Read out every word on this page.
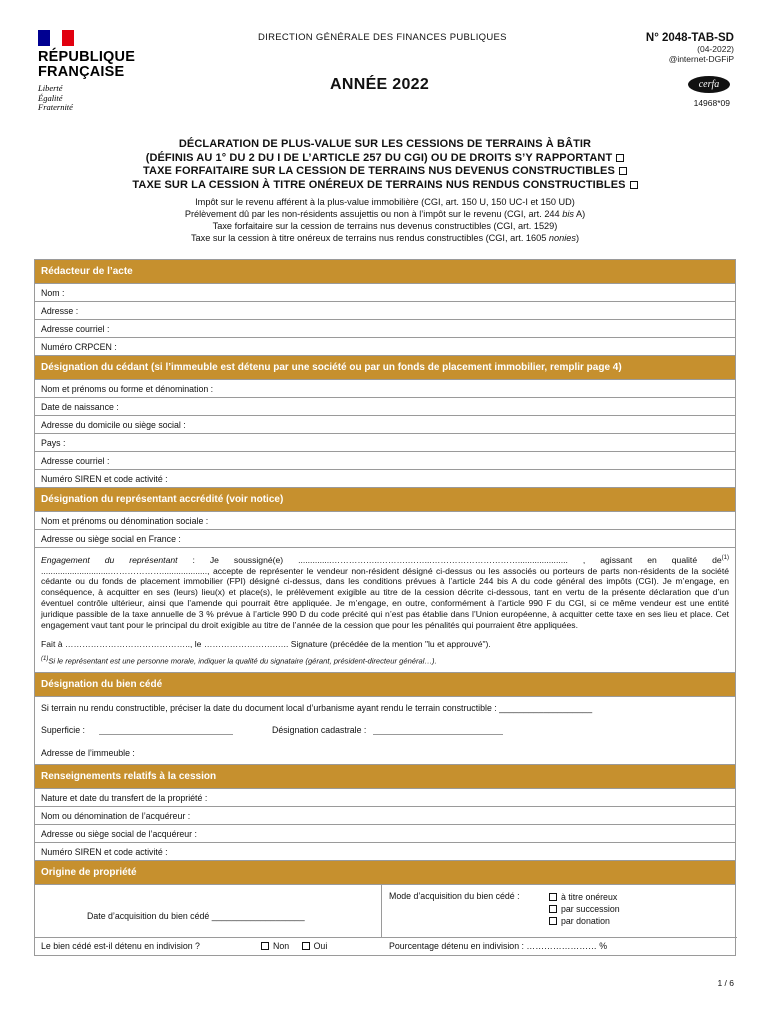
RÉPUBLIQUE
FRANÇAISE
Liberté
Égalité
Fraternité
DIRECTION GÉNÉRALE DES FINANCES PUBLIQUES
ANNÉE 2022
N° 2048-TAB-SD
(04-2022)
@internet-DGFiP
cerfa
14968*09
DÉCLARATION DE PLUS-VALUE SUR LES CESSIONS DE TERRAINS À BÂTIR
(DÉFINIS AU 1° DU 2 DU I DE L’ARTICLE 257 DU CGI) OU DE DROITS S’Y RAPPORTANT
TAXE FORFAITAIRE SUR LA CESSION DE TERRAINS NUS DEVENUS CONSTRUCTIBLES
TAXE SUR LA CESSION À TITRE ONÉREUX DE TERRAINS NUS RENDUS CONSTRUCTIBLES
Impôt sur le revenu afférent à la plus-value immobilière (CGI, art. 150 U, 150 UC-I et 150 UD)
Prélèvement dû par les non-résidents assujettis ou non à l’impôt sur le revenu (CGI, art. 244 bis A)
Taxe forfaitaire sur la cession de terrains nus devenus constructibles (CGI, art. 1529)
Taxe sur la cession à titre onéreux de terrains nus rendus constructibles (CGI, art. 1605 nonies)
Rédacteur de l’acte
Nom :
Adresse :
Adresse courriel :
Numéro CRPCEN :
Désignation du cédant (si l’immeuble est détenu par une société ou par un fonds de placement immobilier, remplir page 4)
Nom et prénoms ou forme et dénomination :
Date de naissance :
Adresse du domicile ou siège social :
Pays :
Adresse courriel :
Numéro SIREN et code activité :
Désignation du représentant accrédité (voir notice)
Nom et prénoms ou dénomination sociale :
Adresse ou siège social en France :
Engagement du représentant : Je soussigné(e) ..............……………..……….……...…………………………..................... , agissant en qualité $de^{(1)}$ .............................………………..................., accepte de représenter le vendeur non-résident désigné ci-dessus ou les associés ou porteurs de parts non-résidents de la société cédante ou du fonds de placement immobilier (FPI) désigné ci-dessus, dans les conditions prévues à l’article 244 bis A du code général des impôts (CGI). Je m’engage, en conséquence, à acquitter en ses (leurs) lieu(x) et place(s), le prélèvement exigible au titre de la cession décrite ci-dessous, tant en vertu de la présente déclaration que d’un éventuel contrôle ultérieur, ainsi que l’amende qui pourrait être appliquée. Je m’engage, en outre, conformément à l’article 990 F du CGI, si ce même vendeur est une entité juridique passible de la taxe annuelle de 3 % prévue à l’article 990 D du code précité qui n’est pas établie dans l’Union européenne, à acquitter cette taxe en ses lieu et place. Cet engagement vaut tant pour le principal du droit exigible au titre de l’année de la cession que pour les pénalités qui pourraient être appliquées.
Fait à …………………………………….., le …………………….….. Signature (précédée de la mention "lu et approuvé").
$^{(1)}$Si le représentant est une personne morale, indiquer la qualité du signataire (gérant, président-directeur général…).
Désignation du bien cédé
Si terrain nu rendu constructible, préciser la date du document local d’urbanisme ayant rendu le terrain constructible : ___________________
Superficie :	Désignation cadastrale :
Adresse de l’immeuble :
Renseignements relatifs à la cession
Nature et date du transfert de la propriété :
Nom ou dénomination de l’acquéreur :
Adresse ou siège social de l’acquéreur :
Numéro SIREN et code activité :
Origine de propriété
Date d’acquisition du bien cédé ___________________
Mode d’acquisition du bien cédé :	à titre onéreux
par succession
par donation
Le bien cédé est-il détenu en indivision ?	Non	Oui	Pourcentage détenu en indivision : …………………… %
1 / 6
